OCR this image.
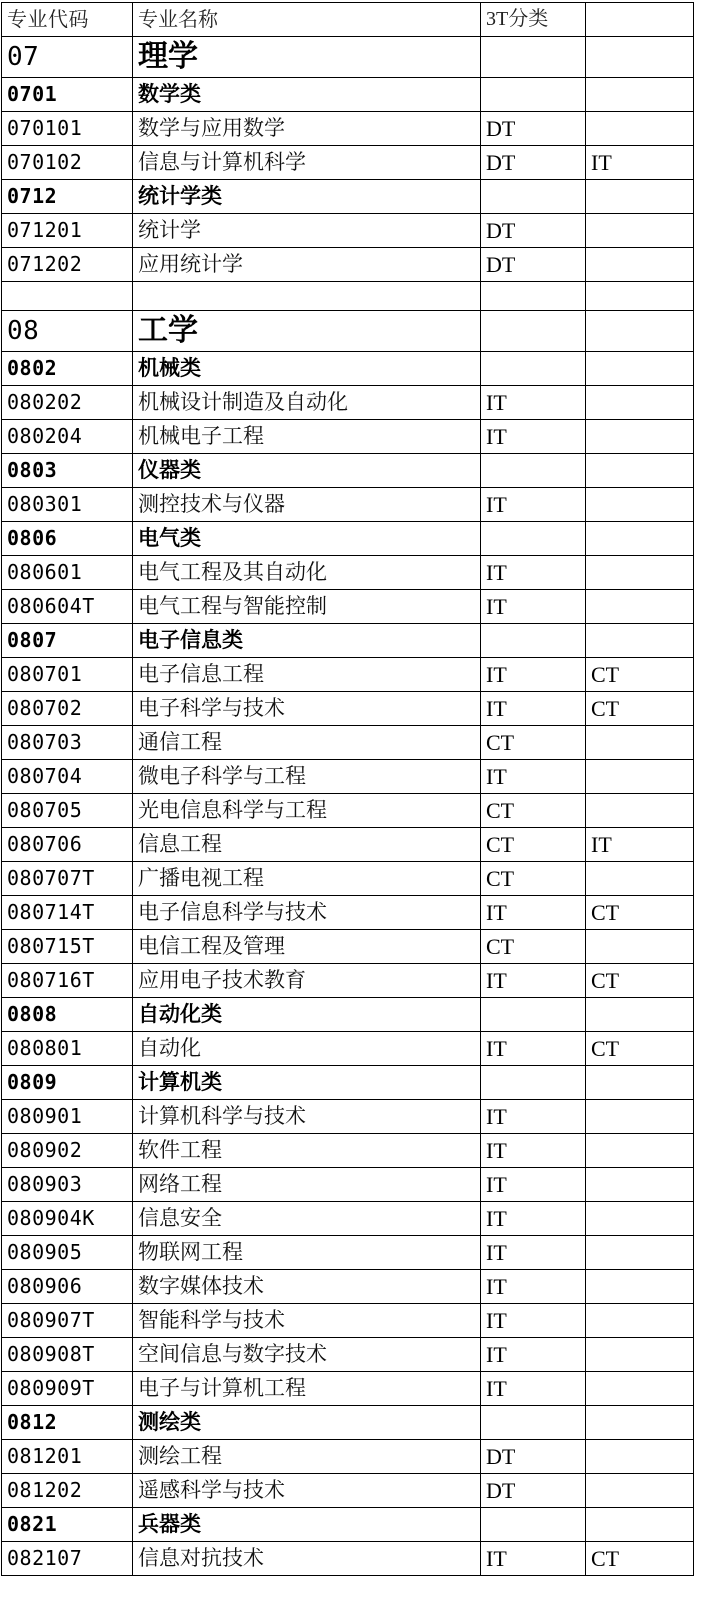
专业代码	专业名称	3T分类	
07	理学		
0701	数学类		
070101	数学与应用数学	DT	
070102	信息与计算机科学	DT	IT
0712	统计学类		
071201	统计学	DT	
071202	应用统计学	DT	

08	工学		
0802	机械类		
080202	机械设计制造及自动化	IT	
080204	机械电子工程	IT	
0803	仪器类		
080301	测控技术与仪器	IT	
0806	电气类		
080601	电气工程及其自动化	IT	
080604T	电气工程与智能控制	IT	
0807	电子信息类		
080701	电子信息工程	IT	CT
080702	电子科学与技术	IT	CT
080703	通信工程	CT	
080704	微电子科学与工程	IT	
080705	光电信息科学与工程	CT	
080706	信息工程	CT	IT
080707T	广播电视工程	CT	
080714T	电子信息科学与技术	IT	CT
080715T	电信工程及管理	CT	
080716T	应用电子技术教育	IT	CT
0808	自动化类		
080801	自动化	IT	CT
0809	计算机类		
080901	计算机科学与技术	IT	
080902	软件工程	IT	
080903	网络工程	IT	
080904K	信息安全	IT	
080905	物联网工程	IT	
080906	数字媒体技术	IT	
080907T	智能科学与技术	IT	
080908T	空间信息与数字技术	IT	
080909T	电子与计算机工程	IT	
0812	测绘类		
081201	测绘工程	DT	
081202	遥感科学与技术	DT	
0821	兵器类		
082107	信息对抗技术	IT	CT
